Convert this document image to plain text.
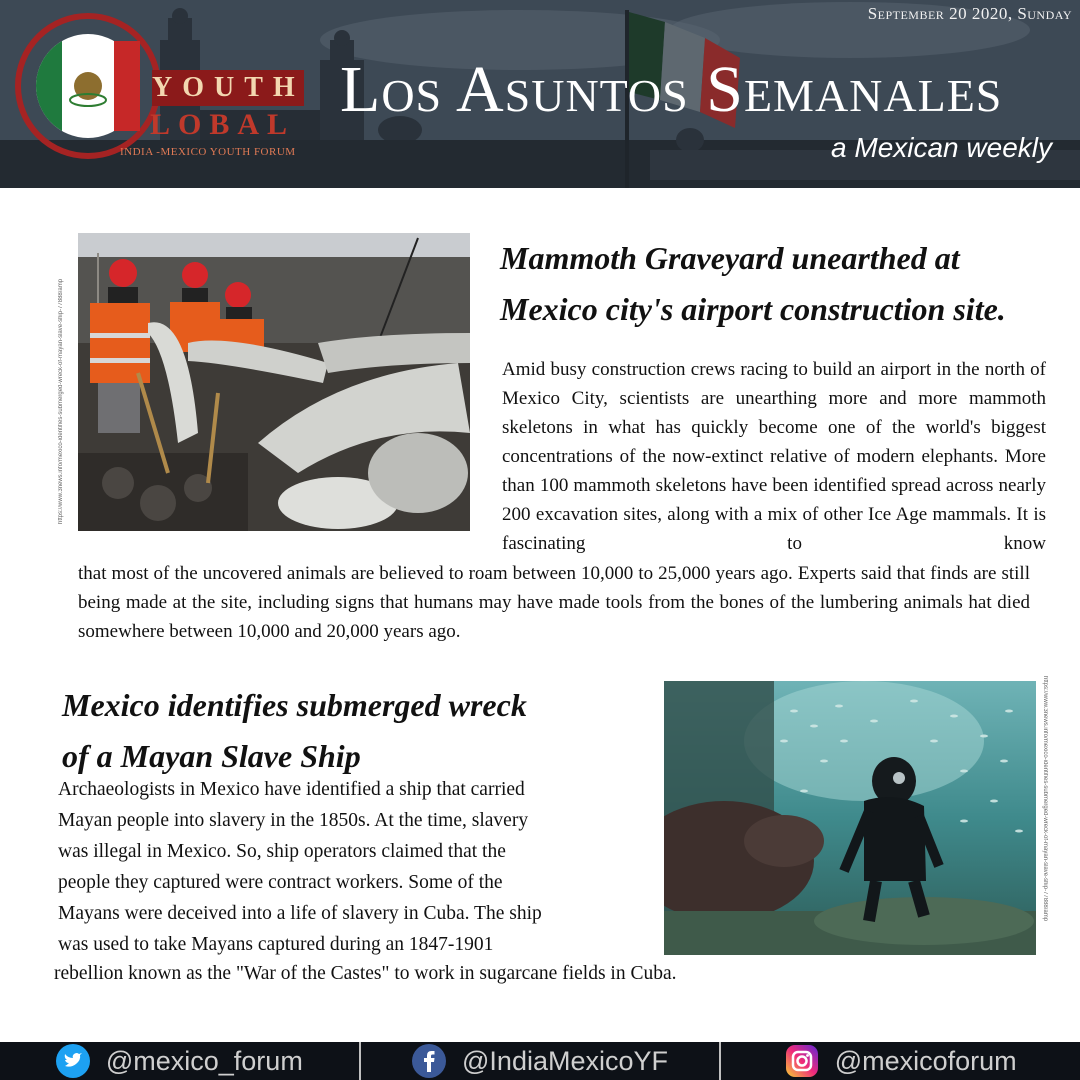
YOUTH
LOBAL
INDIA -MEXICO YOUTH FORUM
September 20 2020, Sunday
Los Asuntos Semanales
a Mexican weekly
https://www.3news.info/mexico-identifies-submerged-wreck-of-mayan-slave-ship-77888/amp
Mammoth Graveyard unearthed at
Mexico city's airport construction site.
Amid busy construction crews racing to build an airport in the north of Mexico City, scientists are unearthing more and more mammoth skeletons in what has quickly become one of the world's biggest concentrations of the now-extinct relative of modern elephants. More than 100 mammoth skeletons have been identified spread across nearly 200 excavation sites, along with a mix of other Ice Age mammals. It is fascinating to know
that most of the uncovered animals are believed to roam between 10,000 to 25,000 years ago. Experts said that finds are still being made at the site, including signs that humans may have made tools from the bones of the lumbering animals hat died somewhere between 10,000 and 20,000 years ago.
Mexico identifies submerged wreck
of a Mayan Slave Ship
Archaeologists in Mexico have identified a ship that carried
Mayan people into slavery in the 1850s. At the time, slavery
was illegal in Mexico. So, ship operators claimed that the
people they captured were contract workers. Some of the
Mayans were deceived into a life of slavery in Cuba. The ship
was used to take Mayans captured during an 1847-1901
rebellion known as the "War of the Castes" to work in sugarcane fields in Cuba.
https://www.3news.info/mexico-identifies-submerged-wreck-of-mayan-slave-ship-77888/amp
@mexico_forum	@IndiaMexicoYF	@mexicoforum
